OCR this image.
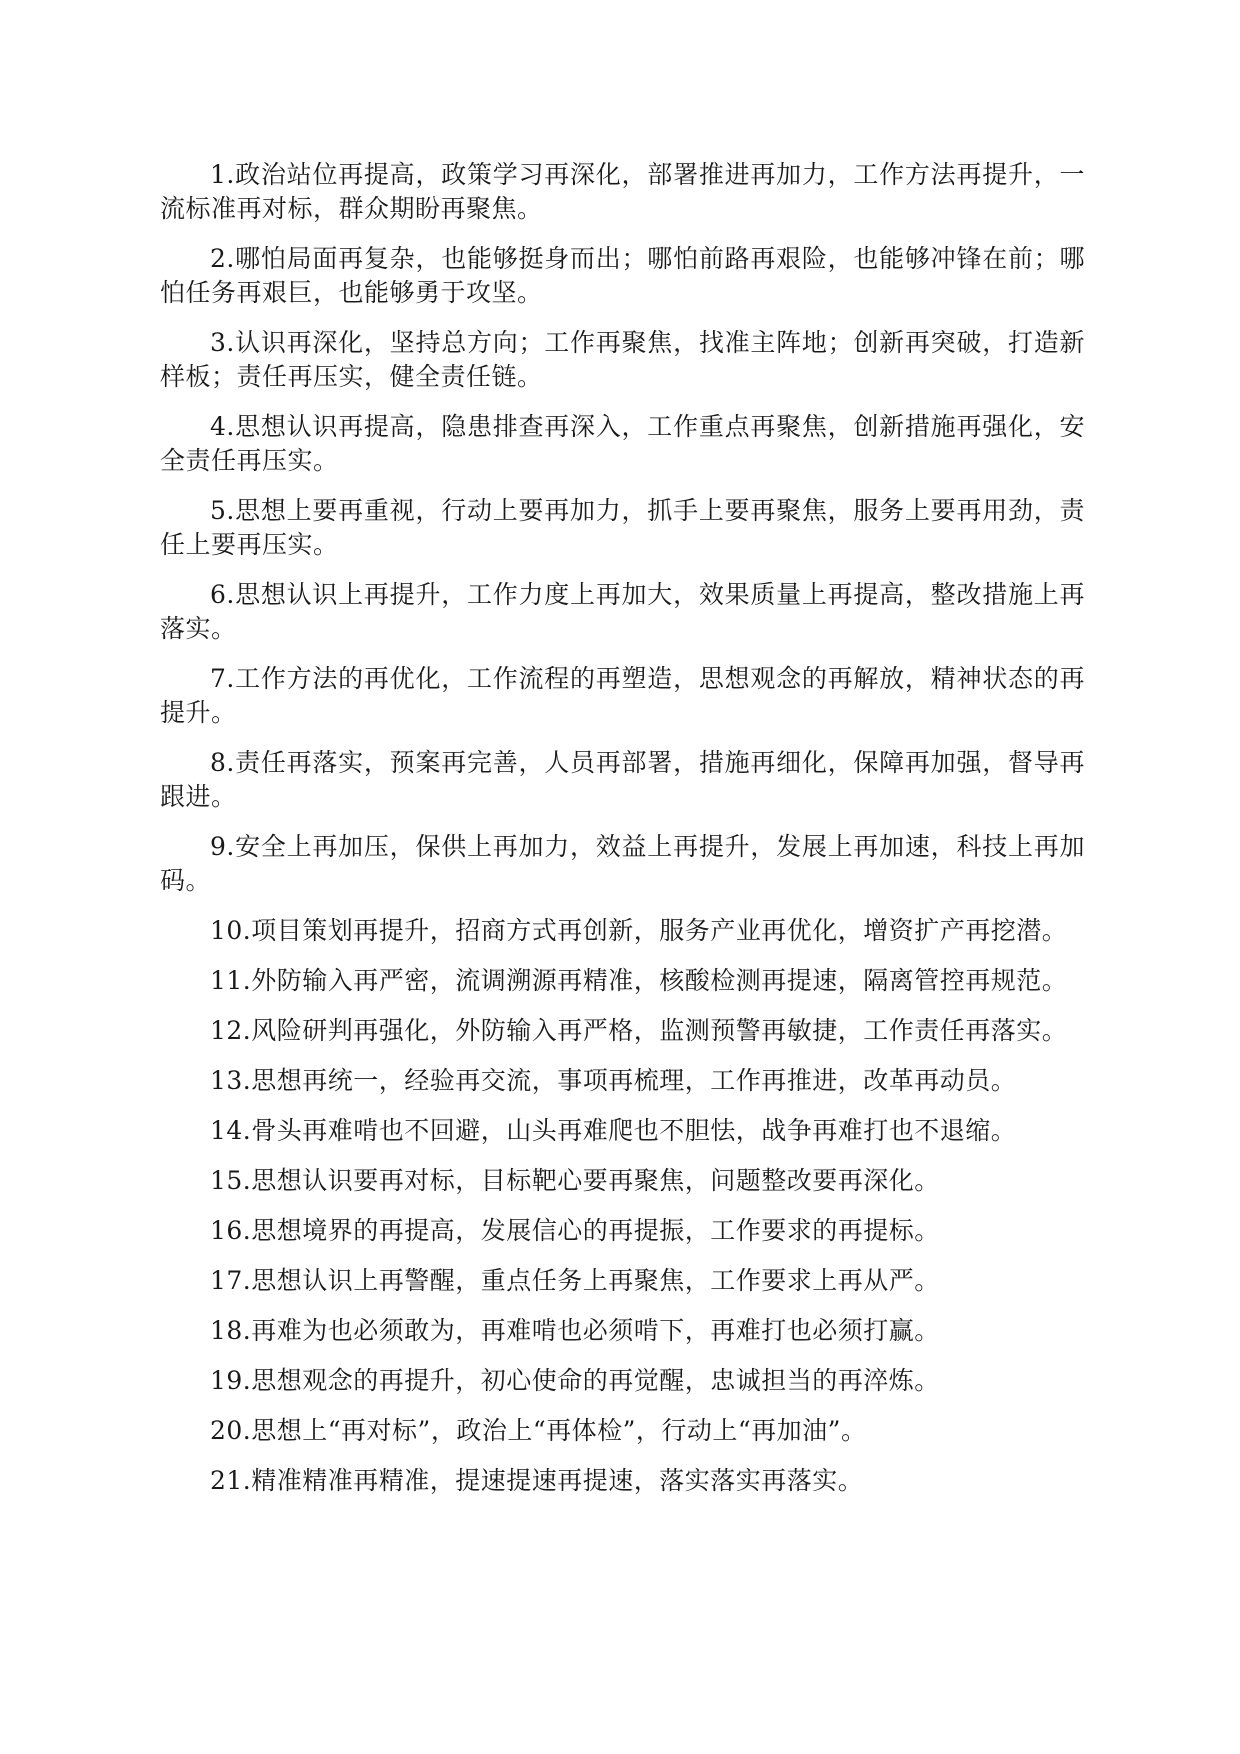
1.政治站位再提高，政策学习再深化，部署推进再加力，工作方法再提升，一流标准再对标，群众期盼再聚焦。

2.哪怕局面再复杂，也能够挺身而出；哪怕前路再艰险，也能够冲锋在前；哪怕任务再艰巨，也能够勇于攻坚。

3.认识再深化，坚持总方向；工作再聚焦，找准主阵地；创新再突破，打造新样板；责任再压实，健全责任链。

4.思想认识再提高，隐患排查再深入，工作重点再聚焦，创新措施再强化，安全责任再压实。

5.思想上要再重视，行动上要再加力，抓手上要再聚焦，服务上要再用劲，责任上要再压实。

6.思想认识上再提升，工作力度上再加大，效果质量上再提高，整改措施上再落实。

7.工作方法的再优化，工作流程的再塑造，思想观念的再解放，精神状态的再提升。

8.责任再落实，预案再完善，人员再部署，措施再细化，保障再加强，督导再跟进。

9.安全上再加压，保供上再加力，效益上再提升，发展上再加速，科技上再加码。

10.项目策划再提升，招商方式再创新，服务产业再优化，增资扩产再挖潜。

11.外防输入再严密，流调溯源再精准，核酸检测再提速，隔离管控再规范。

12.风险研判再强化，外防输入再严格，监测预警再敏捷，工作责任再落实。

13.思想再统一，经验再交流，事项再梳理，工作再推进，改革再动员。

14.骨头再难啃也不回避，山头再难爬也不胆怯，战争再难打也不退缩。

15.思想认识要再对标，目标靶心要再聚焦，问题整改要再深化。

16.思想境界的再提高，发展信心的再提振，工作要求的再提标。

17.思想认识上再警醒，重点任务上再聚焦，工作要求上再从严。

18.再难为也必须敢为，再难啃也必须啃下，再难打也必须打赢。

19.思想观念的再提升，初心使命的再觉醒，忠诚担当的再淬炼。

20.思想上“再对标”，政治上“再体检”，行动上“再加油”。

21.精准精准再精准，提速提速再提速，落实落实再落实。
